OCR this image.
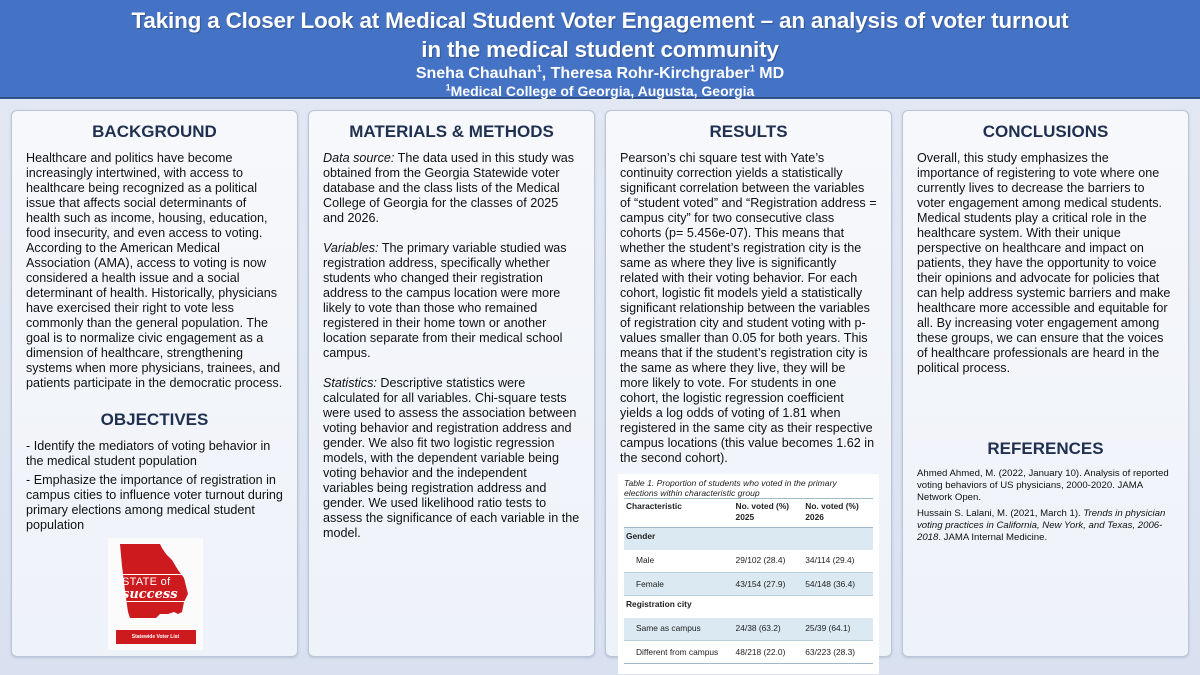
Taking a Closer Look at Medical Student Voter Engagement – an analysis of voter turnout
in the medical student community
Sneha Chauhan$^1$, Theresa Rohr-Kirchgraber$^1$ MD
$^1$Medical College of Georgia, Augusta, Georgia
BACKGROUND
Healthcare and politics have become increasingly intertwined, with access to healthcare being recognized as a political issue that affects social determinants of health such as income, housing, education, food insecurity, and even access to voting. According to the American Medical Association (AMA), access to voting is now considered a health issue and a social determinant of health. Historically, physicians have exercised their right to vote less commonly than the general population. The goal is to normalize civic engagement as a dimension of healthcare, strengthening systems when more physicians, trainees, and patients participate in the democratic process.
OBJECTIVES
- Identify the mediators of voting behavior in the medical student population
- Emphasize the importance of registration in campus cities to influence voter turnout during primary elections among medical student population
STATE of
success
Statewide Voter List
MATERIALS & METHODS
Data source: The data used in this study was obtained from the Georgia Statewide voter database and the class lists of the Medical College of Georgia for the classes of 2025 and 2026.
Variables: The primary variable studied was registration address, specifically whether students who changed their registration address to the campus location were more likely to vote than those who remained registered in their home town or another location separate from their medical school campus.
Statistics: Descriptive statistics were calculated for all variables. Chi-square tests were used to assess the association between voting behavior and registration address and gender. We also fit two logistic regression models, with the dependent variable being voting behavior and the independent variables being registration address and gender. We used likelihood ratio tests to assess the significance of each variable in the model.
RESULTS
Pearson’s chi square test with Yate’s continuity correction yields a statistically significant correlation between the variables of “student voted” and “Registration address = campus city” for two consecutive class cohorts (p= 5.456e-07). This means that whether the student’s registration city is the same as where they live is significantly related with their voting behavior. For each cohort, logistic fit models yield a statistically significant relationship between the variables of registration city and student voting with p-values smaller than 0.05 for both years. This means that if the student’s registration city is the same as where they live, they will be more likely to vote. For students in one cohort, the logistic regression coefficient yields a log odds of voting of 1.81 when registered in the same city as their respective campus locations (this value becomes 1.62 in the second cohort).
Table 1. Proportion of students who voted in the primary elections within characteristic group
Characteristic	No. voted (%) 2025	No. voted (%) 2026
Gender		
Male	29/102 (28.4)	34/114 (29.4)
Female	43/154 (27.9)	54/148 (36.4)
Registration city		
Same as campus	24/38 (63.2)	25/39 (64.1)
Different from campus	48/218 (22.0)	63/223 (28.3)
CONCLUSIONS
Overall, this study emphasizes the importance of registering to vote where one currently lives to decrease the barriers to voter engagement among medical students. Medical students play a critical role in the healthcare system. With their unique perspective on healthcare and impact on patients, they have the opportunity to voice their opinions and advocate for policies that can help address systemic barriers and make healthcare more accessible and equitable for all. By increasing voter engagement among these groups, we can ensure that the voices of healthcare professionals are heard in the political process.
REFERENCES
Ahmed Ahmed, M. (2022, January 10). Analysis of reported voting behaviors of US physicians, 2000-2020. JAMA Network Open.
Hussain S. Lalani, M. (2021, March 1). Trends in physician voting practices in California, New York, and Texas, 2006-2018. JAMA Internal Medicine.
